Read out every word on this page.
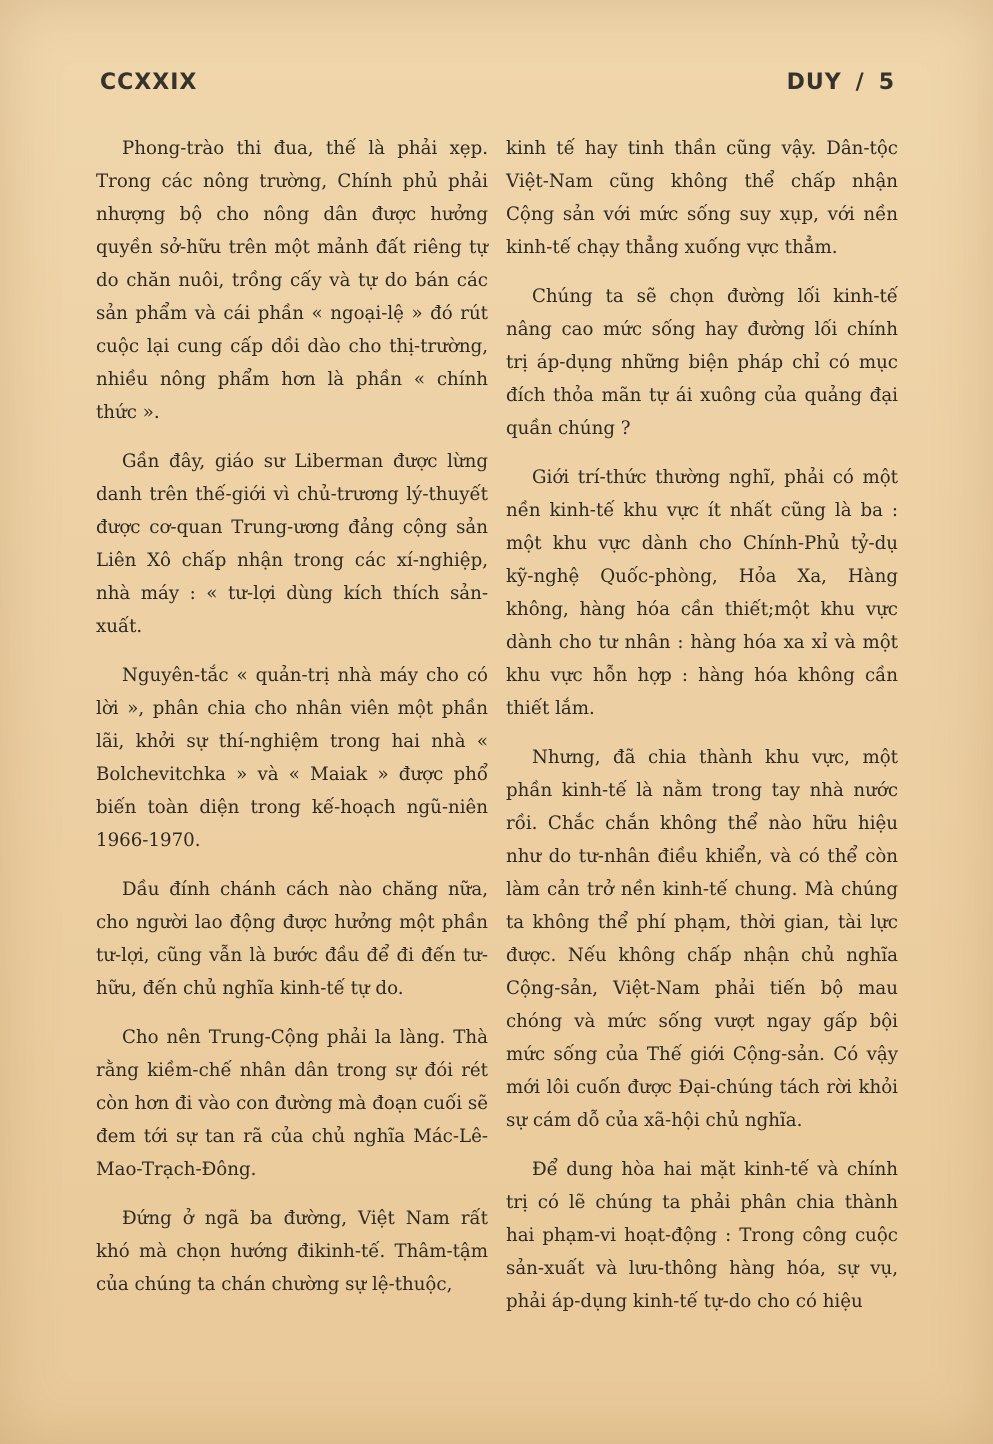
CCXXIX	DUY / 5

Phong-trào thi đua, thế là phải xẹp. Trong các nông trường, Chính phủ phải nhượng bộ cho nông dân được hưởng quyền sở-hữu trên một mảnh đất riêng tự do chăn nuôi, trồng cấy và tự do bán các sản phẩm và cái phần « ngoại-lệ » đó rút cuộc lại cung cấp dồi dào cho thị-trường, nhiều nông phẩm hơn là phần « chính thức ».

Gần đây, giáo sư Liberman được lừng danh trên thế-giới vì chủ-trương lý-thuyết được cơ-quan Trung-ương đảng cộng sản Liên Xô chấp nhận trong các xí-nghiệp, nhà máy : « tư-lợi dùng kích thích sản-xuất.

Nguyên-tắc « quản-trị nhà máy cho có lời », phân chia cho nhân viên một phần lãi, khởi sự thí-nghiệm trong hai nhà « Bolchevitchka » và « Maiak » được phổ biến toàn diện trong kế-hoạch ngũ-niên 1966-1970.

Dầu đính chánh cách nào chăng nữa, cho người lao động được hưởng một phần tư-lợi, cũng vẫn là bước đầu để đi đến tư-hữu, đến chủ nghĩa kinh-tế tự do.

Cho nên Trung-Cộng phải la làng. Thà rằng kiềm-chế nhân dân trong sự đói rét còn hơn đi vào con đường mà đoạn cuối sẽ đem tới sự tan rã của chủ nghĩa Mác-Lê-Mao-Trạch-Đông.

Đứng ở ngã ba đường, Việt Nam rất khó mà chọn hướng đikinh-tế. Thâm-tậm của chúng ta chán chường sự lệ-thuộc,

kinh tế hay tinh thần cũng vậy. Dân-tộc Việt-Nam cũng không thể chấp nhận Cộng sản với mức sống suy xụp, với nền kinh-tế chạy thẳng xuống vực thẳm.

Chúng ta sẽ chọn đường lối kinh-tế nâng cao mức sống hay đường lối chính trị áp-dụng những biện pháp chỉ có mục đích thỏa mãn tự ái xuông của quảng đại quần chúng ?

Giới trí-thức thường nghĩ, phải có một nền kinh-tế khu vực ít nhất cũng là ba : một khu vực dành cho Chính-Phủ tỷ-dụ kỹ-nghệ Quốc-phòng, Hỏa Xa, Hàng không, hàng hóa cần thiết;một khu vực dành cho tư nhân : hàng hóa xa xỉ và một khu vực hỗn hợp : hàng hóa không cần thiết lắm.

Nhưng, đã chia thành khu vực, một phần kinh-tế là nằm trong tay nhà nước rồi. Chắc chắn không thể nào hữu hiệu như do tư-nhân điều khiển, và có thể còn làm cản trở nền kinh-tế chung. Mà chúng ta không thể phí phạm, thời gian, tài lực được. Nếu không chấp nhận chủ nghĩa Cộng-sản, Việt-Nam phải tiến bộ mau chóng và mức sống vượt ngay gấp bội mức sống của Thế giới Cộng-sản. Có vậy mới lôi cuốn được Đại-chúng tách rời khỏi sự cám dỗ của xã-hội chủ nghĩa.

Để dung hòa hai mặt kinh-tế và chính trị có lẽ chúng ta phải phân chia thành hai phạm-vi hoạt-động : Trong công cuộc sản-xuất và lưu-thông hàng hóa, sự vụ, phải áp-dụng kinh-tế tự-do cho có hiệu
